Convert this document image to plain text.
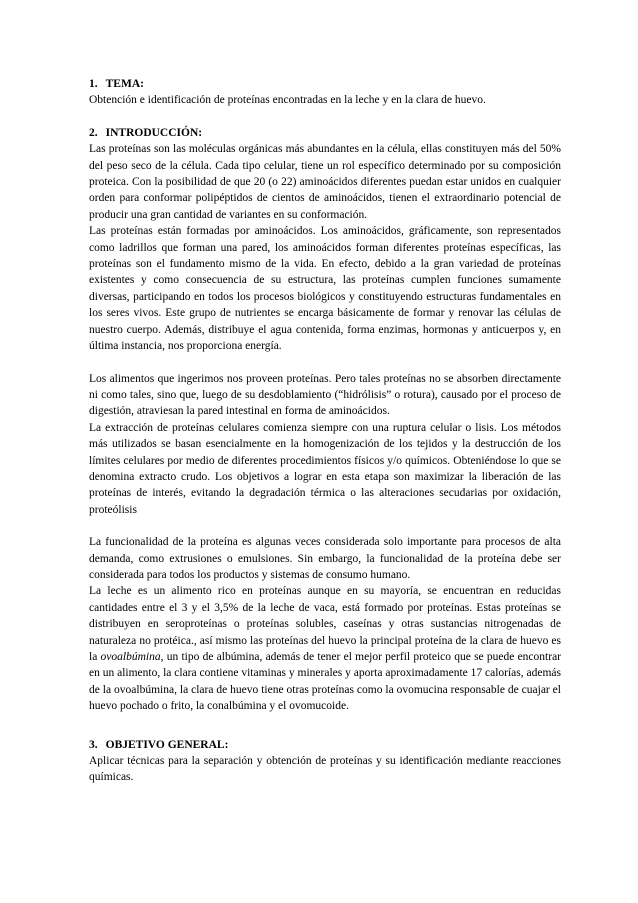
1. TEMA:

Obtención e identificación de proteínas encontradas en la leche y en la clara de huevo.

2. INTRODUCCIÓN:

Las proteínas son las moléculas orgánicas más abundantes en la célula, ellas constituyen más del 50% del peso seco de la célula. Cada tipo celular, tiene un rol específico determinado por su composición proteica. Con la posibilidad de que 20 (o 22) aminoácidos diferentes puedan estar unidos en cualquier orden para conformar polipéptidos de cientos de aminoácidos, tienen el extraordinario potencial de producir una gran cantidad de variantes en su conformación.

Las proteínas están formadas por aminoácidos. Los aminoácidos, gráficamente, son representados como ladrillos que forman una pared, los aminoácidos forman diferentes proteínas específicas, las proteínas son el fundamento mismo de la vida. En efecto, debido a la gran variedad de proteínas existentes y como consecuencia de su estructura, las proteínas cumplen funciones sumamente diversas, participando en todos los procesos biológicos y constituyendo estructuras fundamentales en los seres vivos. Este grupo de nutrientes se encarga básicamente de formar y renovar las células de nuestro cuerpo. Además, distribuye el agua contenida, forma enzimas, hormonas y anticuerpos y, en última instancia, nos proporciona energía.

Los alimentos que ingerimos nos proveen proteínas. Pero tales proteínas no se absorben directamente ni como tales, sino que, luego de su desdoblamiento (“hidrólisis” o rotura), causado por el proceso de digestión, atraviesan la pared intestinal en forma de aminoácidos.

La extracción de proteínas celulares comienza siempre con una ruptura celular o lisis. Los métodos más utilizados se basan esencialmente en la homogenización de los tejidos y la destrucción de los límites celulares por medio de diferentes procedimientos físicos y/o químicos. Obteniéndose lo que se denomina extracto crudo. Los objetivos a lograr en esta etapa son maximizar la liberación de las proteínas de interés, evitando la degradación térmica o las alteraciones secudarias por oxidación, proteólisis

La funcionalidad de la proteína es algunas veces considerada solo importante para procesos de alta demanda, como extrusiones o emulsiones. Sin embargo, la funcionalidad de la proteína debe ser considerada para todos los productos y sistemas de consumo humano.

La leche es un alimento rico en proteínas aunque en su mayoría, se encuentran en reducidas cantidades entre el 3 y el 3,5% de la leche de vaca, está formado por proteínas. Estas proteínas se distribuyen en seroproteínas o proteínas solubles, caseínas y otras sustancias nitrogenadas de naturaleza no protéica., así mismo las proteínas del huevo la principal proteína de la clara de huevo es la ovoalbúmina, un tipo de albúmina, además de tener el mejor perfil proteico que se puede encontrar en un alimento, la clara contiene vitaminas y minerales y aporta aproximadamente 17 calorías, además de la ovoalbúmina, la clara de huevo tiene otras proteínas como la ovomucina responsable de cuajar el huevo pochado o frito, la conalbúmina y el ovomucoide.

3. OBJETIVO GENERAL:

Aplicar técnicas para la separación y obtención de proteínas y su identificación mediante reacciones químicas.
